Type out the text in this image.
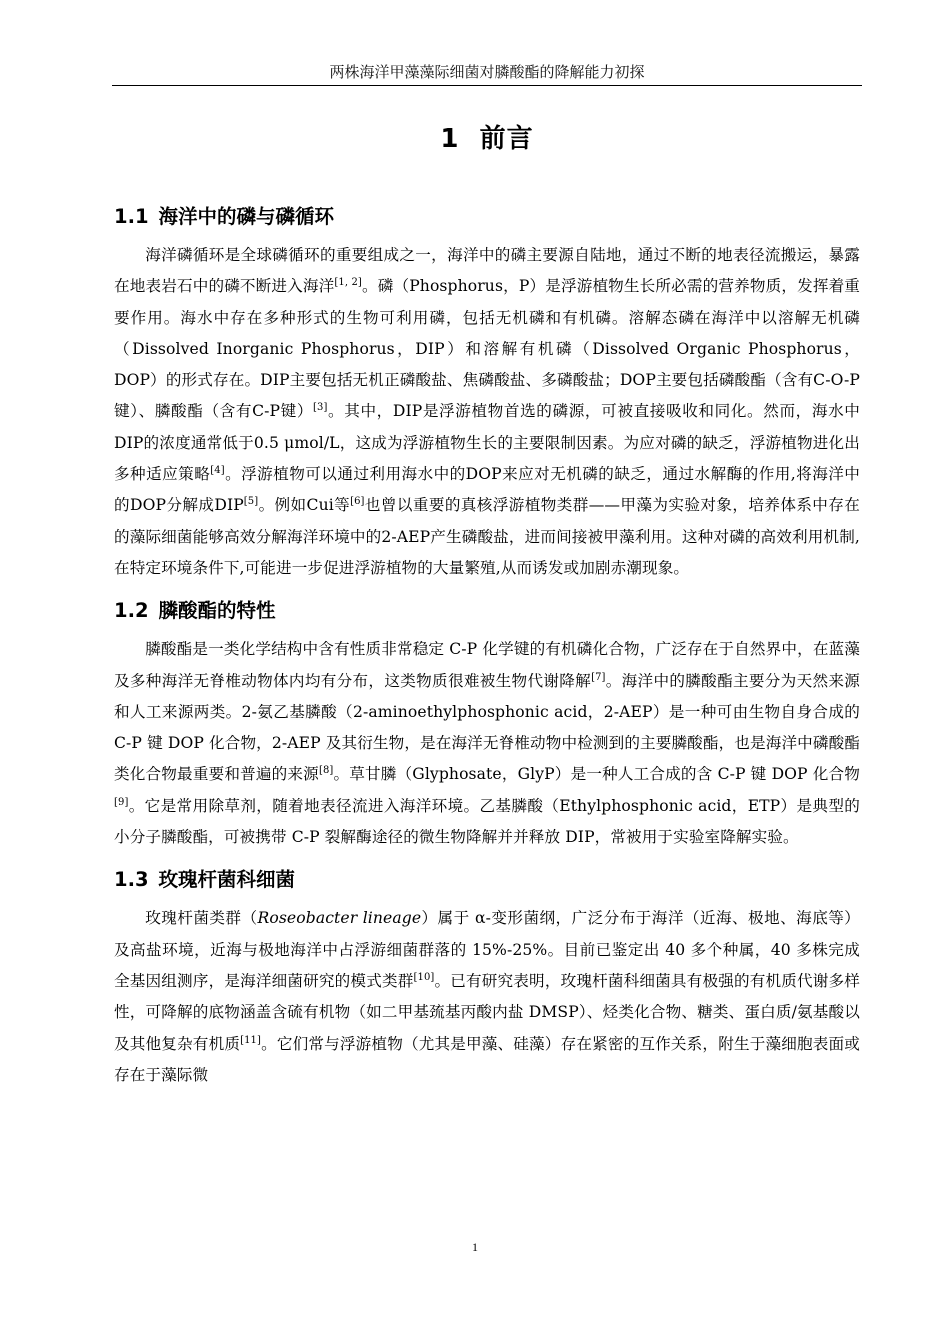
两株海洋甲藻藻际细菌对膦酸酯的降解能力初探
1 前言
1.1 海洋中的磷与磷循环

海洋磷循环是全球磷循环的重要组成之一，海洋中的磷主要源自陆地，通过不断的地表径流搬运，暴露在地表岩石中的磷不断进入海洋[1, 2]。磷（Phosphorus，P）是浮游植物生长所必需的营养物质，发挥着重要作用。海水中存在多种形式的生物可利用磷，包括无机磷和有机磷。溶解态磷在海洋中以溶解无机磷（Dissolved Inorganic Phosphorus，DIP）和溶解有机磷（Dissolved Organic Phosphorus，DOP）的形式存在。DIP主要包括无机正磷酸盐、焦磷酸盐、多磷酸盐；DOP主要包括磷酸酯（含有C-O-P键）、膦酸酯（含有C-P键）[3]。其中，DIP是浮游植物首选的磷源，可被直接吸收和同化。然而，海水中DIP的浓度通常低于0.5 μmol/L，这成为浮游植物生长的主要限制因素。为应对磷的缺乏，浮游植物进化出多种适应策略[4]。浮游植物可以通过利用海水中的DOP来应对无机磷的缺乏，通过水解酶的作用,将海洋中的DOP分解成DIP[5]。例如Cui等[6]也曾以重要的真核浮游植物类群——甲藻为实验对象，培养体系中存在的藻际细菌能够高效分解海洋环境中的2-AEP产生磷酸盐，进而间接被甲藻利用。这种对磷的高效利用机制,在特定环境条件下,可能进一步促进浮游植物的大量繁殖,从而诱发或加剧赤潮现象。

1.2 膦酸酯的特性

膦酸酯是一类化学结构中含有性质非常稳定 C-P 化学键的有机磷化合物，广泛存在于自然界中，在蓝藻及多种海洋无脊椎动物体内均有分布，这类物质很难被生物代谢降解[7]。海洋中的膦酸酯主要分为天然来源和人工来源两类。2-氨乙基膦酸（2-aminoethylphosphonic acid，2-AEP）是一种可由生物自身合成的 C-P 键 DOP 化合物，2-AEP 及其衍生物，是在海洋无脊椎动物中检测到的主要膦酸酯，也是海洋中磷酸酯类化合物最重要和普遍的来源[8]。草甘膦（Glyphosate，GlyP）是一种人工合成的含 C-P 键 DOP 化合物[9]。它是常用除草剂，随着地表径流进入海洋环境。乙基膦酸（Ethylphosphonic acid，ETP）是典型的小分子膦酸酯，可被携带 C-P 裂解酶途径的微生物降解并并释放 DIP，常被用于实验室降解实验。

1.3 玫瑰杆菌科细菌

玫瑰杆菌类群（Roseobacter lineage）属于 α-变形菌纲，广泛分布于海洋（近海、极地、海底等）及高盐环境，近海与极地海洋中占浮游细菌群落的 15%-25%。目前已鉴定出 40 多个种属，40 多株完成全基因组测序，是海洋细菌研究的模式类群[10]。已有研究表明，玫瑰杆菌科细菌具有极强的有机质代谢多样性，可降解的底物涵盖含硫有机物（如二甲基巯基丙酸内盐 DMSP）、烃类化合物、糖类、蛋白质/氨基酸以及其他复杂有机质[11]。它们常与浮游植物（尤其是甲藻、硅藻）存在紧密的互作关系，附生于藻细胞表面或存在于藻际微

1
